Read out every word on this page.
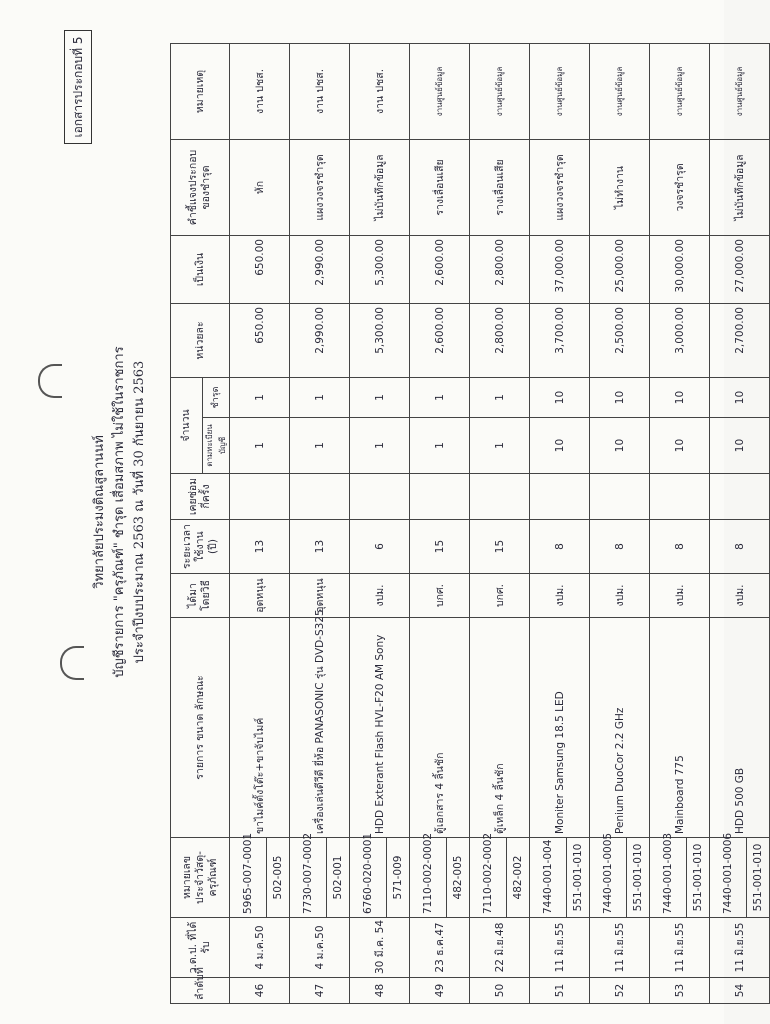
เอกสารประกอบที่ 5
วิทยาลัยประมงติณสูลานนท์ บัญชีรายการ "ครุภัณฑ์" ชำรุด เสื่อมสภาพ ไม่ใช้ในราชการ ประจำปีงบประมาณ 2563 ณ วันที่ 30 กันยายน 2563
ลำดับที่	ว.ด.ป. ที่ได้รับ	หมายเลขประจำวัสดุ-ครุภัณฑ์	รายการ ขนาด ลักษณะ	ได้มาโดยวิธี	ระยะเวลาใช้งาน (ปี)	เคยซ่อมกี่ครั้ง	จำนวน		หน่วยละ	เป็นเงิน	คำชี้แจงประกอบของชำรุด	หมายเหตุ
							ตามทะเบียนบัญชี	ชำรุด				
46	4 ม.ค.50	5965-007-0001	ขาไมค์ตั้งโต๊ะ+ขาจับไมค์	อุดหนุน	13		1	1	650.00	650.00	หัก	งาน ปชส.
		502-005										
47	4 ม.ค.50	7730-007-0002	เครื่องเล่นดีวีดี ยี่ห้อ PANASONIC รุ่น DVD-S325	อุดหนุน	13		1	1	2,990.00	2,990.00	แผงวงจรชำรุด	งาน ปชส.
		502-001										
48	30 มี.ค. 54	6760-020-0001	HDD Exterant Flash HVL-F20 AM Sony	งปม.	6		1	1	5,300.00	5,300.00	ไม่บันทึกข้อมูล	งาน ปชส.
		571-009										
49	23 ธ.ค.47	7110-002-0002	ตู้เอกสาร 4 ลิ้นชัก	บกศ.	15		1	1	2,600.00	2,600.00	รางเลื่อนเสีย	งานศูนย์ข้อมูล
		482-005										
50	22 มิ.ย.48	7110-002-0002	ตู้เหล็ก 4 ลิ้นชัก	บกศ.	15		1	1	2,800.00	2,800.00	รางเลื่อนเสีย	งานศูนย์ข้อมูล
		482-002										
51	11 มิ.ย.55	7440-001-004	Moniter Samsung 18.5 LED	งปม.	8		10	10	3,700.00	37,000.00	แผงวงจรชำรุด	งานศูนย์ข้อมูล
		551-001-010										
52	11 มิ.ย.55	7440-001-0005	Penium DuoCor 2.2 GHz	งปม.	8		10	10	2,500.00	25,000.00	ไม่ทำงาน	งานศูนย์ข้อมูล
		551-001-010										
53	11 มิ.ย.55	7440-001-0003	Mainboard 775	งปม.	8		10	10	3,000.00	30,000.00	วงจรชำรุด	งานศูนย์ข้อมูล
		551-001-010										
54	11 มิ.ย.55	7440-001-0006	HDD 500 GB	งปม.	8		10	10	2,700.00	27,000.00	ไม่บันทึกข้อมูล	งานศูนย์ข้อมูล
		551-001-010										
